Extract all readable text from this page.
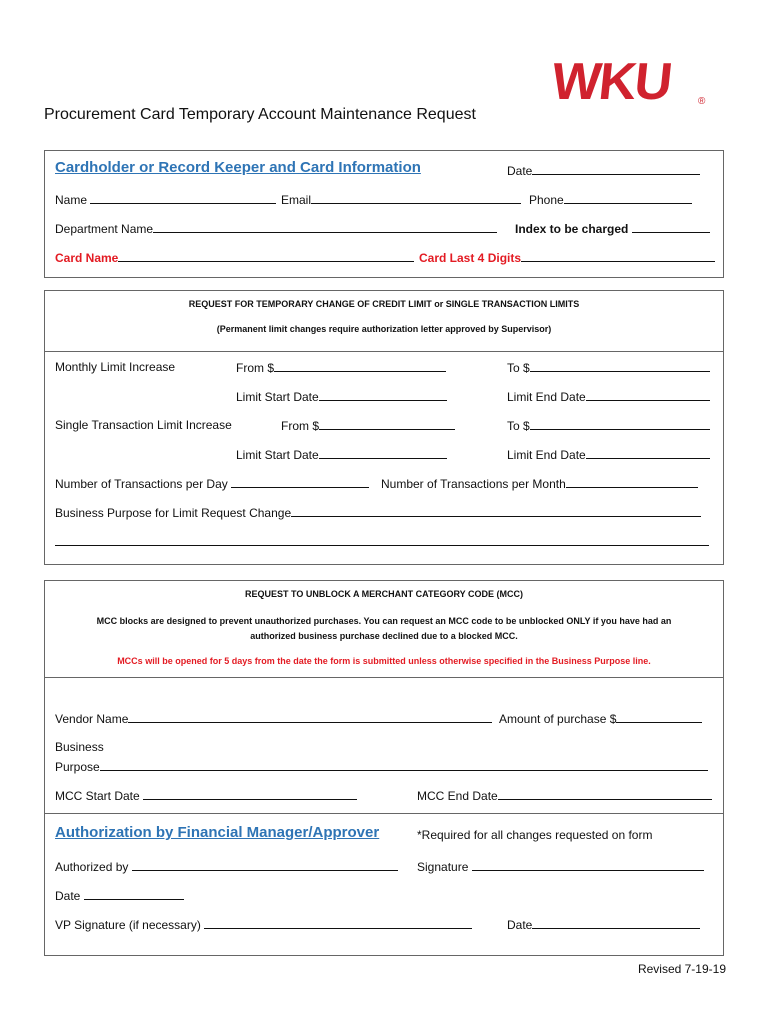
WKU ®
Procurement Card Temporary Account Maintenance Request
Cardholder or Record Keeper and Card Information	Date
Name	Email	Phone
Department Name	Index to be charged
Card Name	Card Last 4 Digits
REQUEST FOR TEMPORARY CHANGE OF CREDIT LIMIT or SINGLE TRANSACTION LIMITS
(Permanent limit changes require authorization letter approved by Supervisor)
Monthly Limit Increase	From $	To $
Limit Start Date	Limit End Date
Single Transaction Limit Increase	From $	To $
Limit Start Date	Limit End Date
Number of Transactions per Day	Number of Transactions per Month
Business Purpose for Limit Request Change
REQUEST TO UNBLOCK A MERCHANT CATEGORY CODE (MCC)
MCC blocks are designed to prevent unauthorized purchases. You can request an MCC code to be unblocked ONLY if you have had an
authorized business purchase declined due to a blocked MCC.
MCCs will be opened for 5 days from the date the form is submitted unless otherwise specified in the Business Purpose line.
Vendor Name	Amount of purchase $
Business
Purpose
MCC Start Date	MCC End Date
Authorization by Financial Manager/Approver	*Required for all changes requested on form
Authorized by	Signature
Date
VP Signature (if necessary)	Date
Revised 7-19-19
